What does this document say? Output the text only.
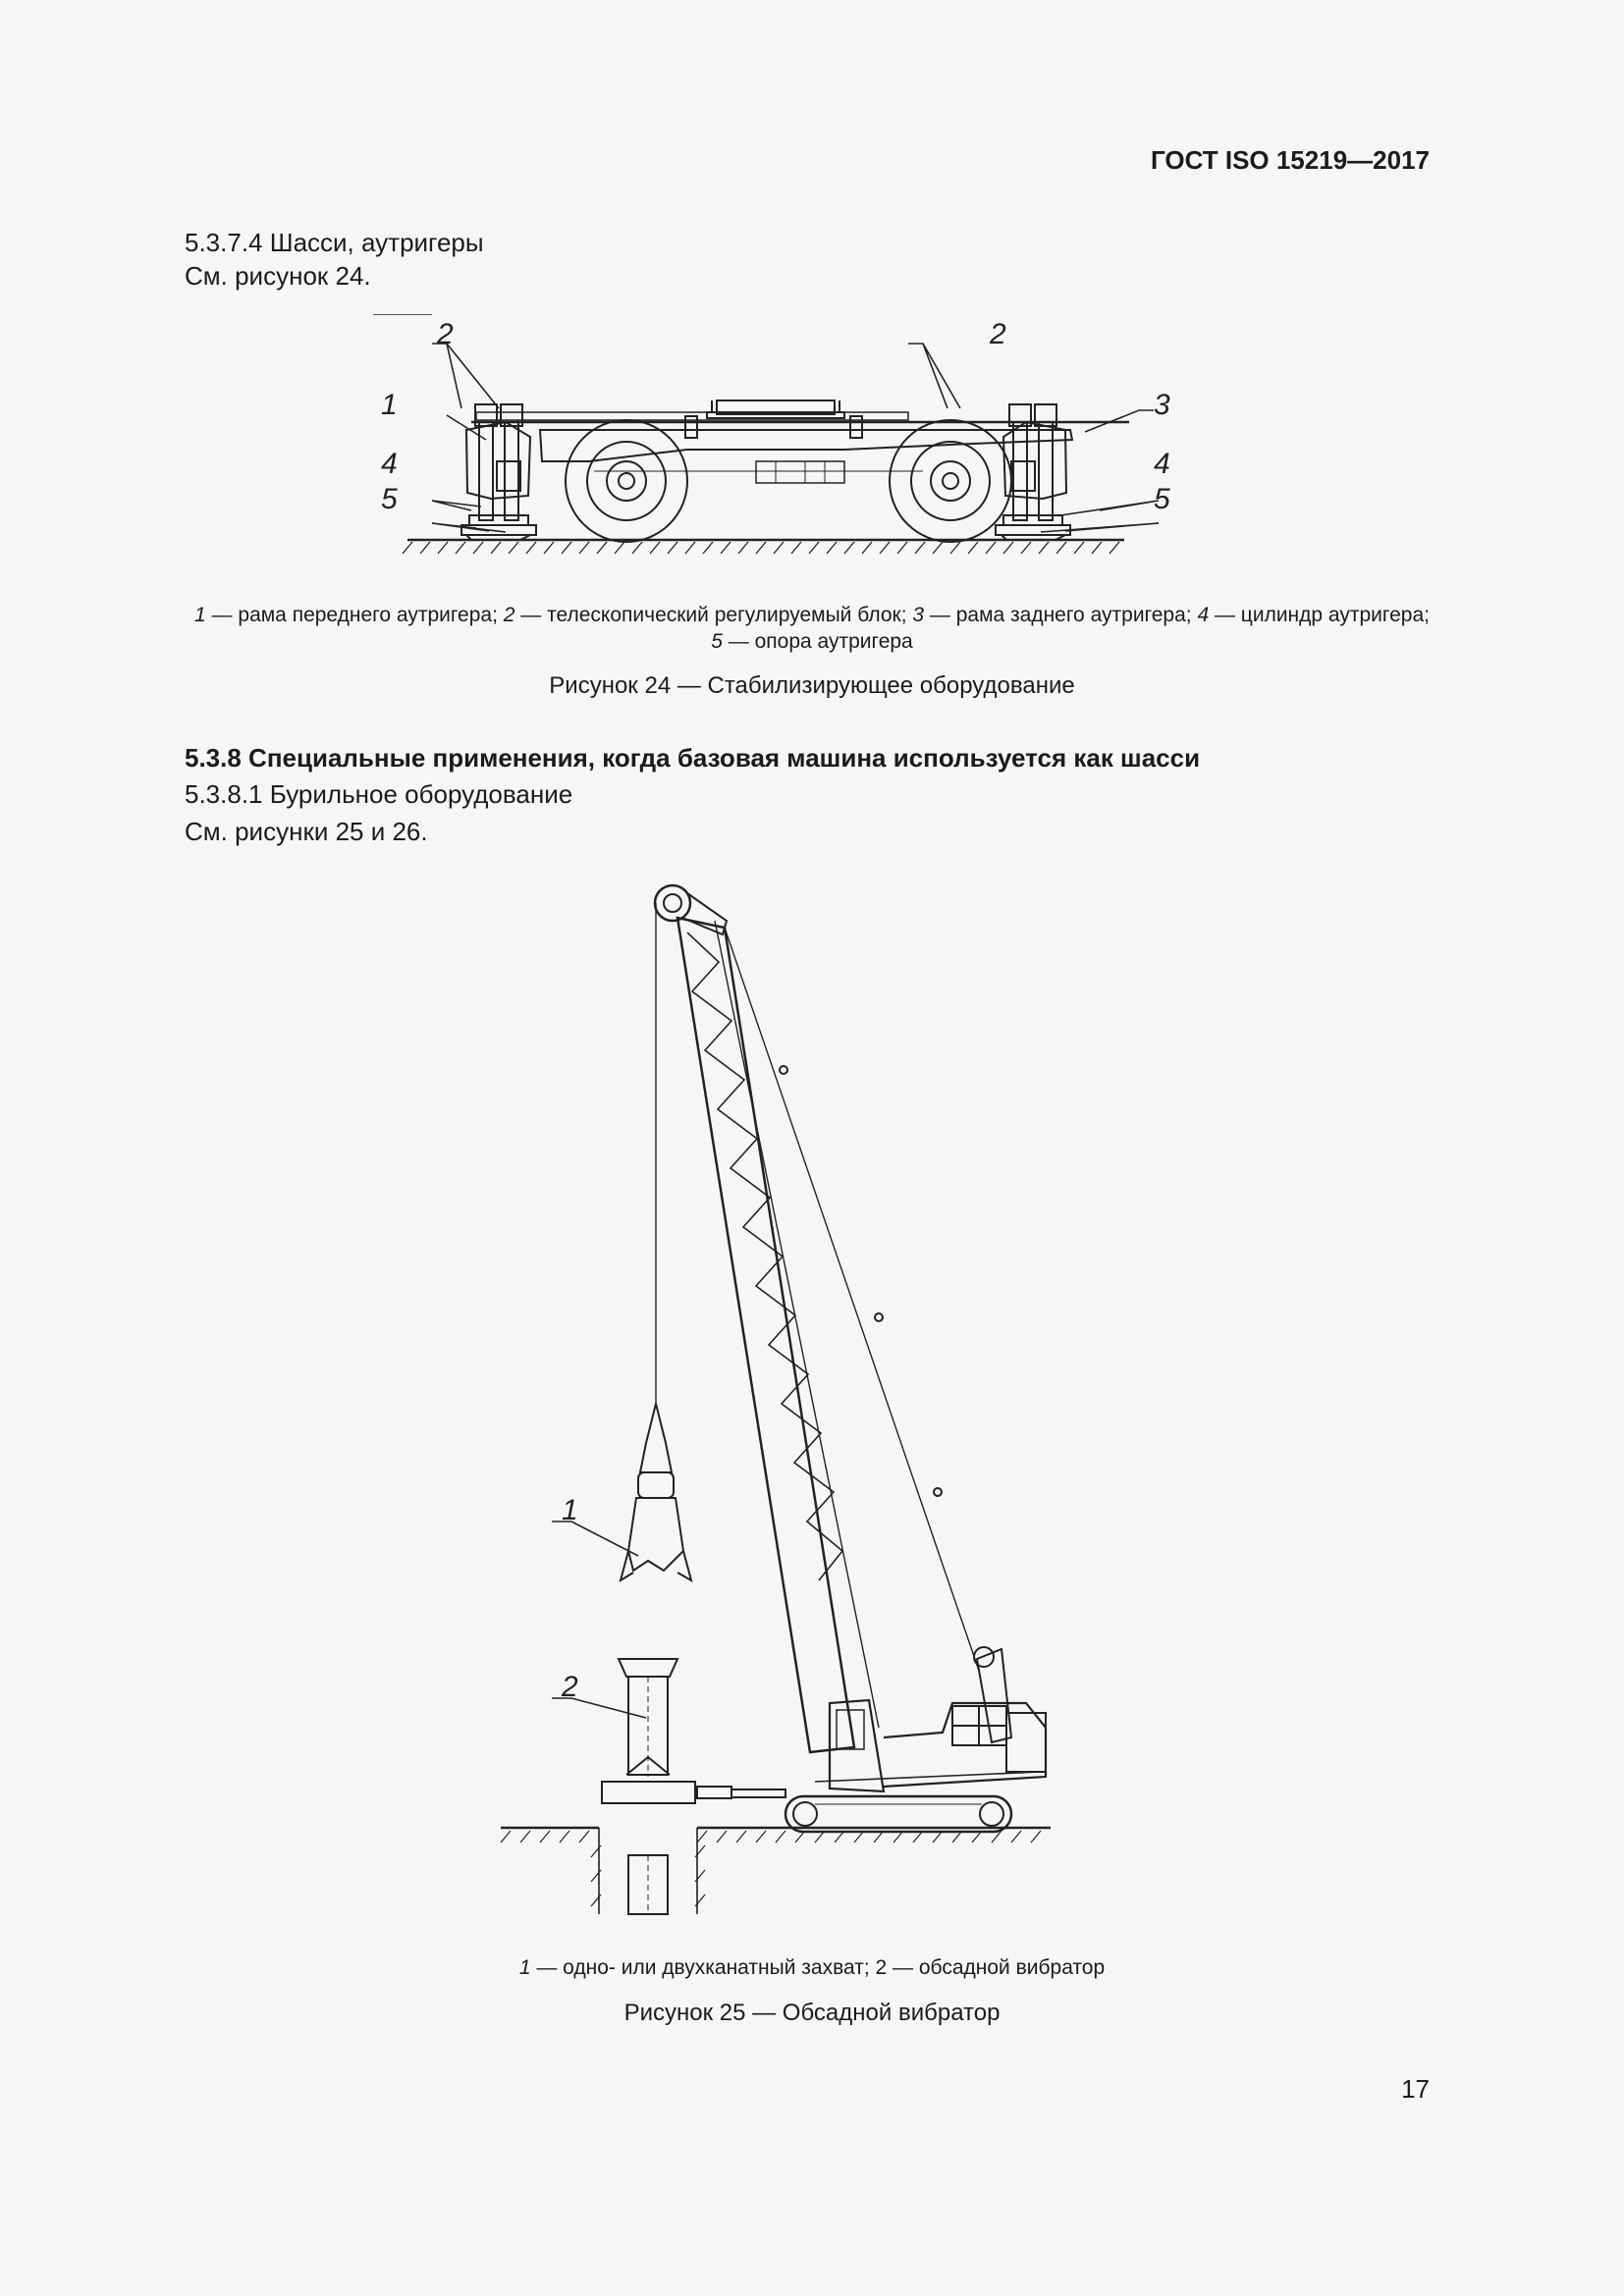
ГОСТ ISO 15219—2017
5.3.7.4 Шасси, аутригеры
См. рисунок 24.
2	2
1	3
4	4
5	5
1 — рама переднего аутригера; 2 — телескопический регулируемый блок; 3 — рама заднего аутригера; 4 — цилиндр аутригера;
5 — опора аутригера
Рисунок 24 — Стабилизирующее оборудование
5.3.8 Специальные применения, когда базовая машина используется как шасси
5.3.8.1 Бурильное оборудование
См. рисунки 25 и 26.
1
2
1 — одно- или двухканатный захват; 2 — обсадной вибратор
Рисунок 25 — Обсадной вибратор
17
